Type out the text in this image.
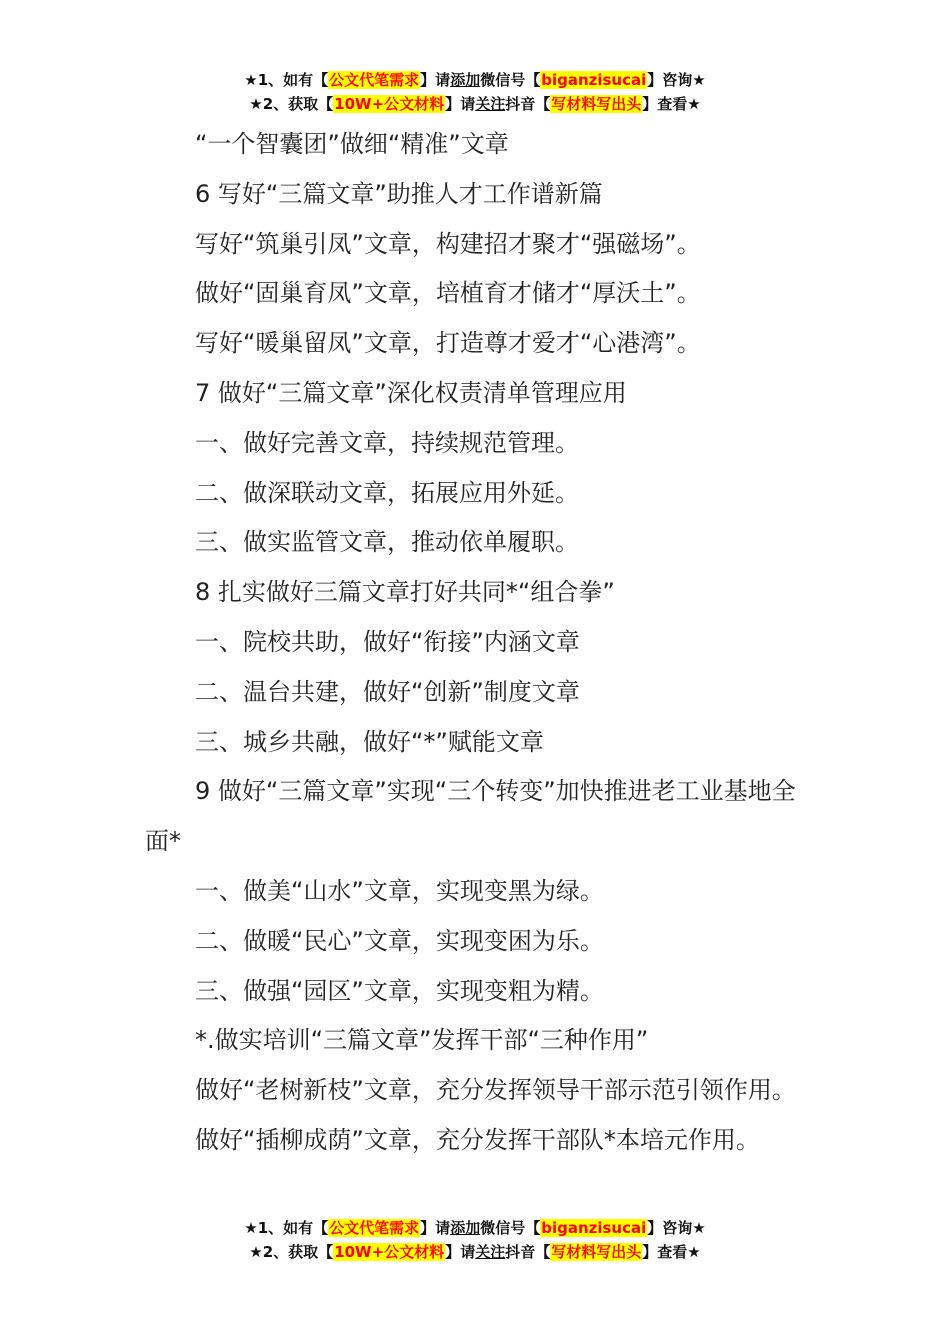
★1、如有【公文代笔需求】请添加微信号【biganzisucai】咨询★
★2、获取【10W+公文材料】请关注抖音【写材料写出头】查看★

“一个智囊团”做细“精准”文章

6 写好“三篇文章”助推人才工作谱新篇

写好“筑巢引凤”文章，构建招才聚才“强磁场”。

做好“固巢育凤”文章，培植育才储才“厚沃土”。

写好“暖巢留凤”文章，打造尊才爱才“心港湾”。

7 做好“三篇文章”深化权责清单管理应用

一、做好完善文章，持续规范管理。

二、做深联动文章，拓展应用外延。

三、做实监管文章，推动依单履职。

8 扎实做好三篇文章打好共同*“组合拳”

一、院校共助，做好“衔接”内涵文章

二、温台共建，做好“创新”制度文章

三、城乡共融，做好“*”赋能文章

9 做好“三篇文章”实现“三个转变”加快推进老工业基地全面*

一、做美“山水”文章，实现变黑为绿。

二、做暖“民心”文章，实现变困为乐。

三、做强“园区”文章，实现变粗为精。

*.做实培训“三篇文章”发挥干部“三种作用”

做好“老树新枝”文章，充分发挥领导干部示范引领作用。

做好“插柳成荫”文章，充分发挥干部队*本培元作用。

★1、如有【公文代笔需求】请添加微信号【biganzisucai】咨询★
★2、获取【10W+公文材料】请关注抖音【写材料写出头】查看★
